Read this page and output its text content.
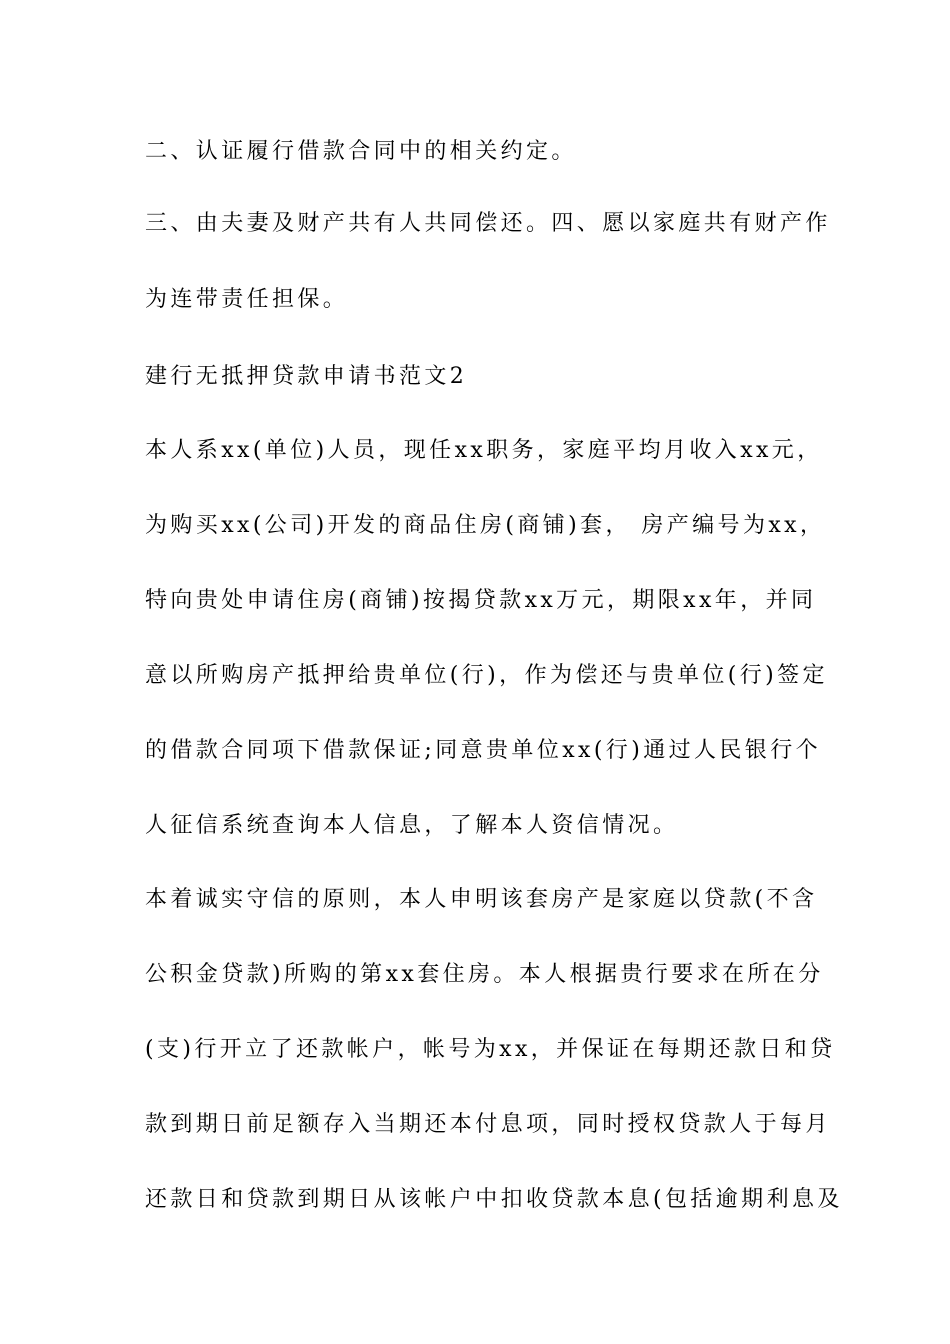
二、认证履行借款合同中的相关约定。
三、由夫妻及财产共有人共同偿还。四、愿以家庭共有财产作
为连带责任担保。
建行无抵押贷款申请书范文2
本人系xx(单位)人员，现任xx职务，家庭平均月收入xx元，
为购买xx(公司)开发的商品住房(商铺)套， 房产编号为xx，
特向贵处申请住房(商铺)按揭贷款xx万元，期限xx年，并同
意以所购房产抵押给贵单位(行)，作为偿还与贵单位(行)签定
的借款合同项下借款保证;同意贵单位xx(行)通过人民银行个
人征信系统查询本人信息，了解本人资信情况。
本着诚实守信的原则，本人申明该套房产是家庭以贷款(不含
公积金贷款)所购的第xx套住房。本人根据贵行要求在所在分
(支)行开立了还款帐户，帐号为xx，并保证在每期还款日和贷
款到期日前足额存入当期还本付息项，同时授权贷款人于每月
还款日和贷款到期日从该帐户中扣收贷款本息(包括逾期利息及
